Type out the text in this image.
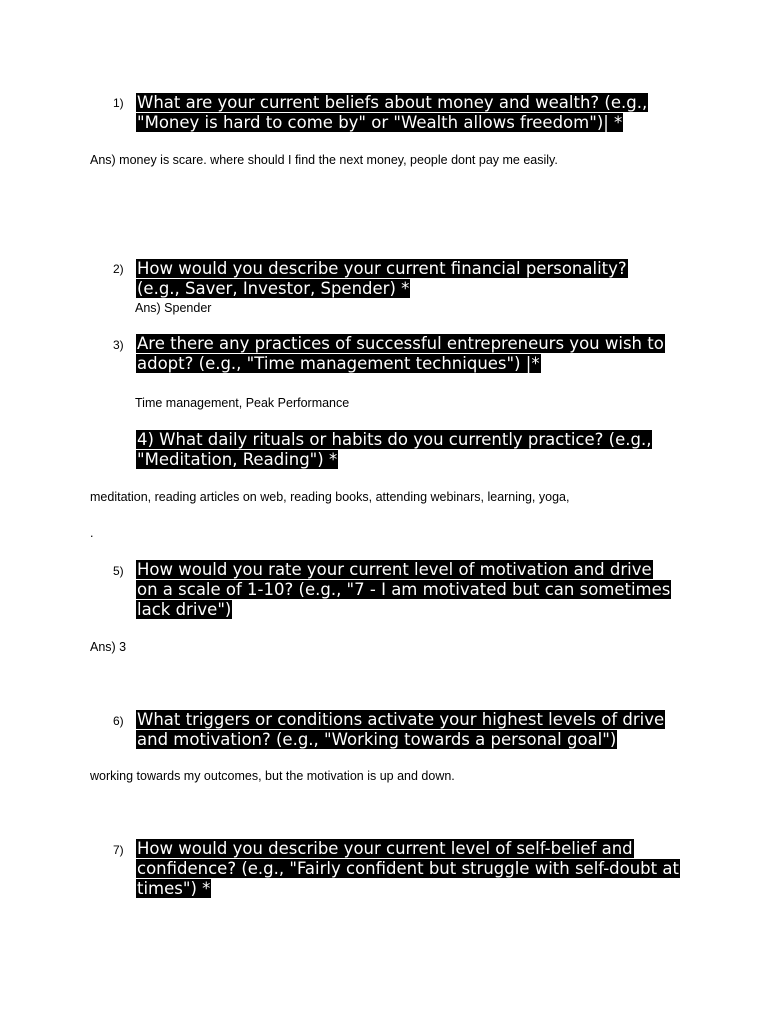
1) What are your current beliefs about money and wealth? (e.g., "Money is hard to come by" or "Wealth allows freedom")| *
Ans) money is scare. where should I find the next money, people dont pay me easily.
2) How would you describe your current financial personality? (e.g., Saver, Investor, Spender) *
Ans) Spender
3) Are there any practices of successful entrepreneurs you wish to adopt? (e.g., "Time management techniques") |*
Time management, Peak Performance
4) What daily rituals or habits do you currently practice? (e.g., "Meditation, Reading") *
meditation, reading articles on web, reading books, attending webinars, learning, yoga,
.
5) How would you rate your current level of motivation and drive on a scale of 1-10? (e.g., "7 - I am motivated but can sometimes lack drive")
Ans) 3
6) What triggers or conditions activate your highest levels of drive and motivation? (e.g., "Working towards a personal goal")
working towards my outcomes, but the motivation is up and down.
7) How would you describe your current level of self-belief and confidence? (e.g., "Fairly confident but struggle with self-doubt at times") *
